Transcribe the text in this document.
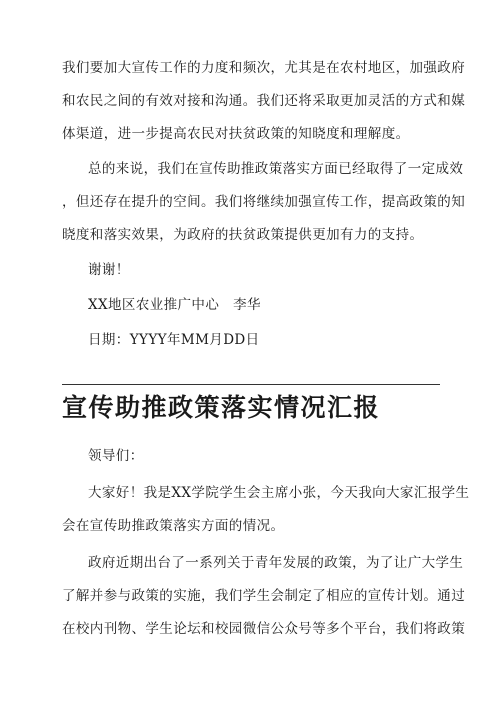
我们要加大宣传工作的力度和频次，尤其是在农村地区，加强政府

和农民之间的有效对接和沟通。我们还将采取更加灵活的方式和媒

体渠道，进一步提高农民对扶贫政策的知晓度和理解度。

总的来说，我们在宣传助推政策落实方面已经取得了一定成效

，但还存在提升的空间。我们将继续加强宣传工作，提高政策的知

晓度和落实效果，为政府的扶贫政策提供更加有力的支持。

谢谢！

XX地区农业推广中心　李华

日期：YYYY年MM月DD日

宣传助推政策落实情况汇报

领导们：

大家好！我是XX学院学生会主席小张，今天我向大家汇报学生

会在宣传助推政策落实方面的情况。

政府近期出台了一系列关于青年发展的政策，为了让广大学生

了解并参与政策的实施，我们学生会制定了相应的宣传计划。通过

在校内刊物、学生论坛和校园微信公众号等多个平台，我们将政策
